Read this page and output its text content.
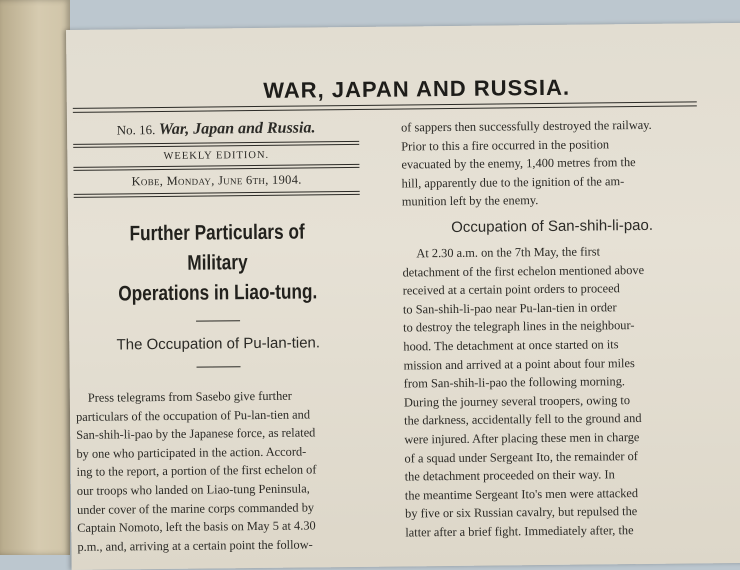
WAR, JAPAN AND RUSSIA.
No. 16. War, Japan and Russia.
WEEKLY EDITION.
Kobe, Monday, June 6th, 1904.
Further Particulars of Military
Operations in Liao-tung.
The Occupation of Pu-lan-tien.
Press telegrams from Sasebo give further
particulars of the occupation of Pu-lan-tien and
San-shih-li-pao by the Japanese force, as related
by one who participated in the action. Accord-
ing to the report, a portion of the first echelon of
our troops who landed on Liao-tung Peninsula,
under cover of the marine corps commanded by
Captain Nomoto, left the basis on May 5 at 4.30
p.m., and, arriving at a certain point the follow-
of sappers then successfully destroyed the railway.
Prior to this a fire occurred in the position
evacuated by the enemy, 1,400 metres from the
hill, apparently due to the ignition of the am-
munition left by the enemy.
Occupation of San-shih-li-pao.
At 2.30 a.m. on the 7th May, the first
detachment of the first echelon mentioned above
received at a certain point orders to proceed
to San-shih-li-pao near Pu-lan-tien in order
to destroy the telegraph lines in the neighbour-
hood. The detachment at once started on its
mission and arrived at a point about four miles
from San-shih-li-pao the following morning.
During the journey several troopers, owing to
the darkness, accidentally fell to the ground and
were injured. After placing these men in charge
of a squad under Sergeant Ito, the remainder of
the detachment proceeded on their way. In
the meantime Sergeant Ito's men were attacked
by five or six Russian cavalry, but repulsed the
latter after a brief fight. Immediately after, the
